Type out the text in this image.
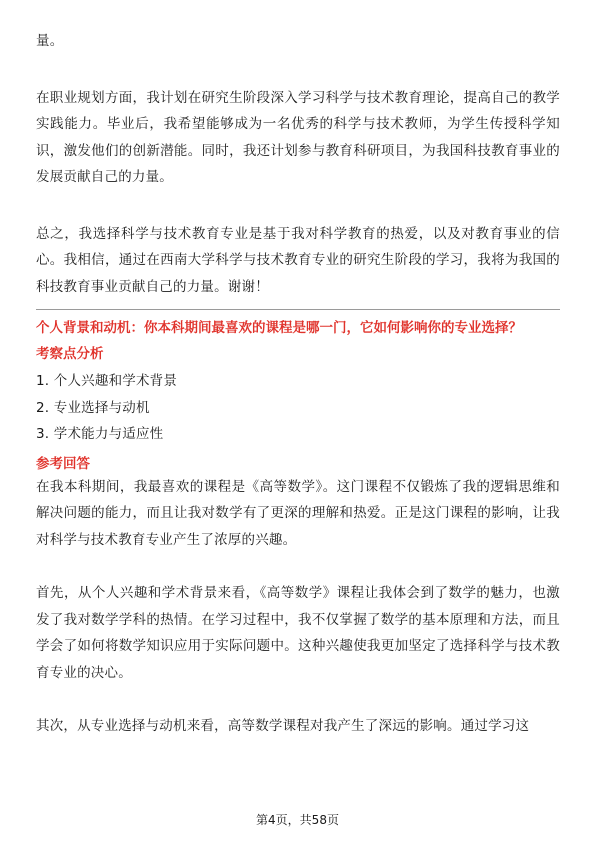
量。

在职业规划方面，我计划在研究生阶段深入学习科学与技术教育理论，提高自己的教学实践能力。毕业后，我希望能够成为一名优秀的科学与技术教师，为学生传授科学知识，激发他们的创新潜能。同时，我还计划参与教育科研项目，为我国科技教育事业的发展贡献自己的力量。

总之，我选择科学与技术教育专业是基于我对科学教育的热爱，以及对教育事业的信心。我相信，通过在西南大学科学与技术教育专业的研究生阶段的学习，我将为我国的科技教育事业贡献自己的力量。谢谢！

个人背景和动机：你本科期间最喜欢的课程是哪一门，它如何影响你的专业选择？

考察点分析

1. 个人兴趣和学术背景
2. 专业选择与动机
3. 学术能力与适应性

参考回答

在我本科期间，我最喜欢的课程是《高等数学》。这门课程不仅锻炼了我的逻辑思维和解决问题的能力，而且让我对数学有了更深的理解和热爱。正是这门课程的影响，让我对科学与技术教育专业产生了浓厚的兴趣。

首先，从个人兴趣和学术背景来看，《高等数学》课程让我体会到了数学的魅力，也激发了我对数学学科的热情。在学习过程中，我不仅掌握了数学的基本原理和方法，而且学会了如何将数学知识应用于实际问题中。这种兴趣使我更加坚定了选择科学与技术教育专业的决心。

其次，从专业选择与动机来看，高等数学课程对我产生了深远的影响。通过学习这

第4页，共58页
